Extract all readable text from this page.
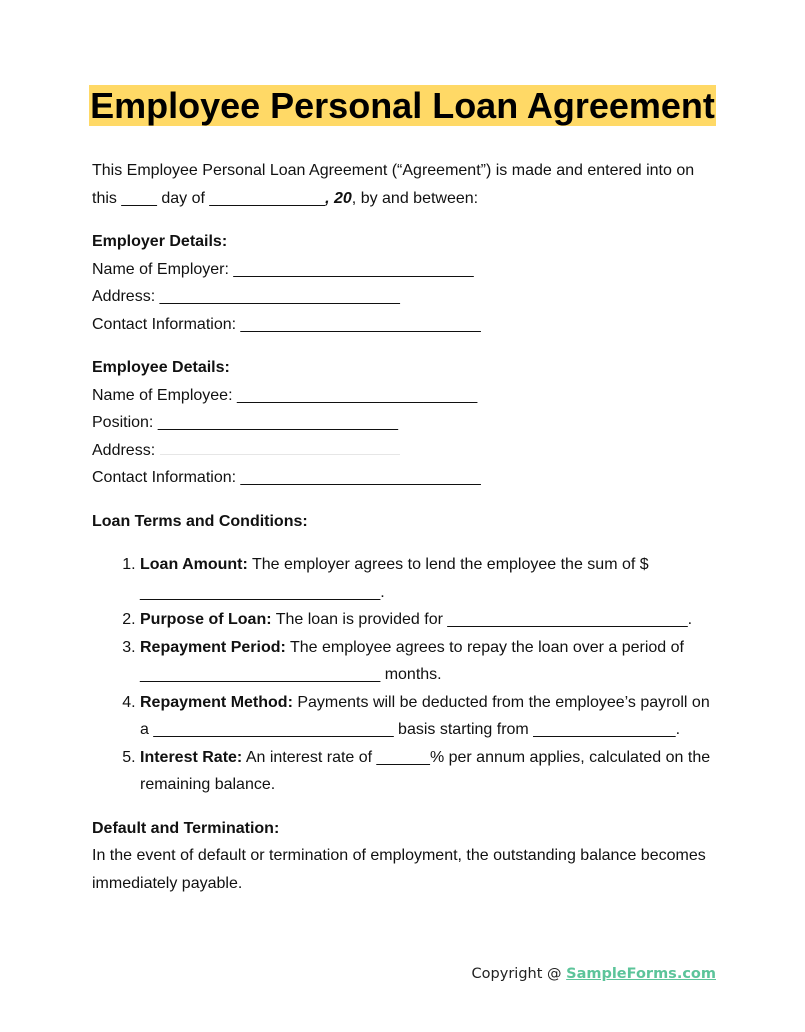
Employee Personal Loan Agreement

This Employee Personal Loan Agreement (“Agreement”) is made and entered into on this ____ day of _____________, 20, by and between:

Employer Details:

Name of Employer: ___________________________

Address: ___________________________

Contact Information: ___________________________

Employee Details:

Name of Employee: ___________________________

Position: ___________________________

Address:

Contact Information: ___________________________

Loan Terms and Conditions:

1. Loan Amount: The employer agrees to lend the employee the sum of $ ___________________________.
2. Purpose of Loan: The loan is provided for ___________________________.
3. Repayment Period: The employee agrees to repay the loan over a period of ___________________________ months.
4. Repayment Method: Payments will be deducted from the employee’s payroll on a ___________________________ basis starting from ________________.
5. Interest Rate: An interest rate of ______% per annum applies, calculated on the remaining balance.

Default and Termination:

In the event of default or termination of employment, the outstanding balance becomes immediately payable.

Copyright @ SampleForms.com
